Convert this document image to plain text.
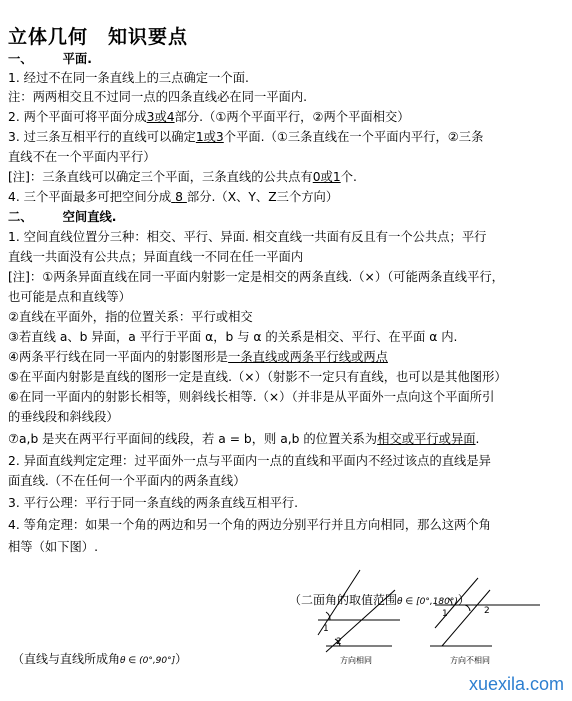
立体几何　知识要点
一、 平面.
1. 经过不在同一条直线上的三点确定一个面.
注：两两相交且不过同一点的四条直线必在同一平面内.
2. 两个平面可将平面分成3或4部分.（①两个平面平行，②两个平面相交）
3. 过三条互相平行的直线可以确定1或3个平面.（①三条直线在一个平面内平行，②三条
直线不在一个平面内平行）
[注]：三条直线可以确定三个平面，三条直线的公共点有0或1个.
4. 三个平面最多可把空间分成 8 部分.（X、Y、Z三个方向）
二、 空间直线.
1. 空间直线位置分三种：相交、平行、异面. 相交直线一共面有反且有一个公共点；平行
直线一共面没有公共点；异面直线一不同在任一平面内
[注]：①两条异面直线在同一平面内射影一定是相交的两条直线.（×）（可能两条直线平行，
也可能是点和直线等）
②直线在平面外，指的位置关系：平行或相交
③若直线 a、b 异面，a 平行于平面 α，b 与 α 的关系是相交、平行、在平面 α 内.
④两条平行线在同一平面内的射影图形是一条直线或两条平行线或两点
⑤在平面内射影是直线的图形一定是直线.（×）（射影不一定只有直线，也可以是其他图形）
⑥在同一平面内的射影长相等，则斜线长相等.（×）（并非是从平面外一点向这个平面所引
的垂线段和斜线段）
⑦a,b 是夹在两平行平面间的线段，若 a = b，则 a,b 的位置关系为相交或平行或异面.
2. 异面直线判定定理：过平面外一点与平面内一点的直线和平面内不经过该点的直线是异
面直线.（不在任何一个平面内的两条直线）
3. 平行公理：平行于同一条直线的两条直线互相平行.
4. 等角定理：如果一个角的两边和另一个角的两边分别平行并且方向相同，那么这两个角
相等（如下图）.
1
2
方向相同
1	2
方向不相同
（二面角的取值范围θ ∈ [0°,180°)）
（直线与直线所成角θ ∈ (0°,90°]）
xuexila.com
